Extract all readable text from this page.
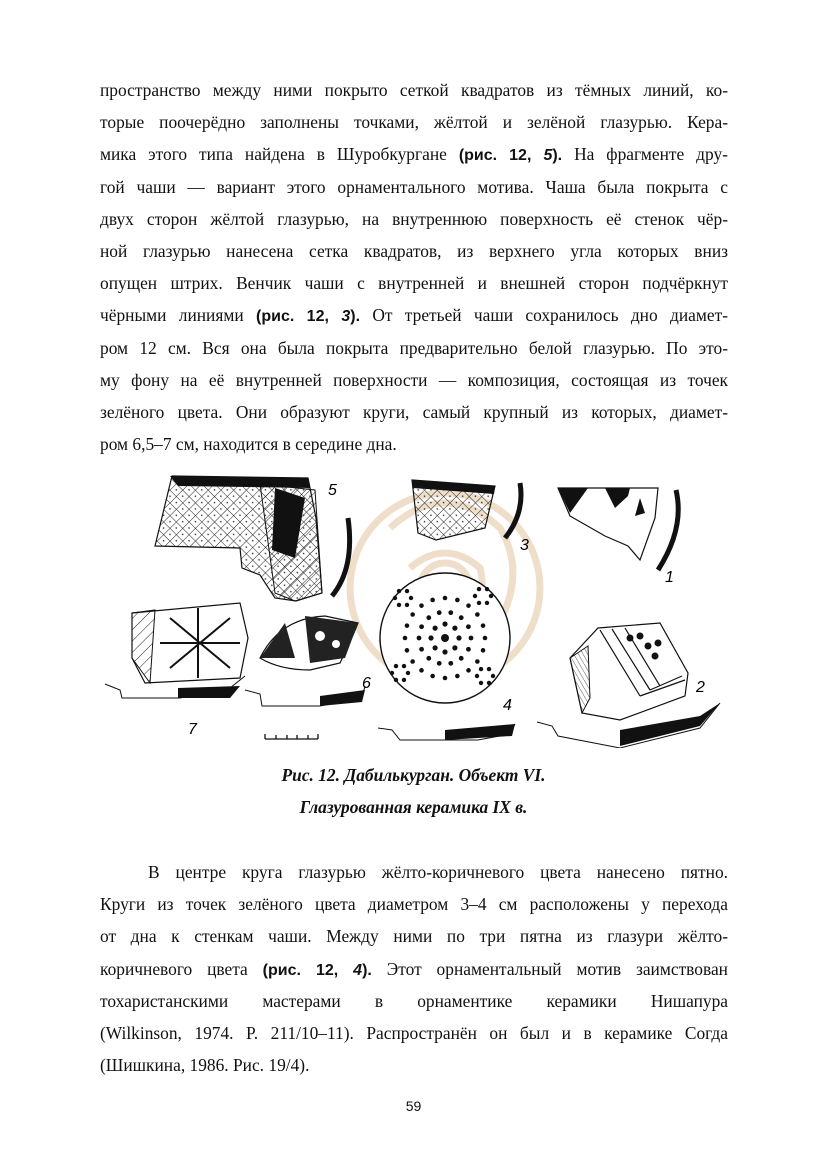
пространство между ними покрыто сеткой квадратов из тёмных линий, ко-
торые поочерёдно заполнены точками, жёлтой и зелёной глазурью. Кера-
мика этого типа найдена в Шуробкургане (рис. 12, 5). На фрагменте дру-
гой чаши — вариант этого орнаментального мотива. Чаша была покрыта с
двух сторон жёлтой глазурью, на внутреннюю поверхность её стенок чёр-
ной глазурью нанесена сетка квадратов, из верхнего угла которых вниз
опущен штрих. Венчик чаши с внутренней и внешней сторон подчёркнут
чёрными линиями (рис. 12, 3). От третьей чаши сохранилось дно диамет-
ром 12 см. Вся она была покрыта предварительно белой глазурью. По это-
му фону на её внутренней поверхности — композиция, состоящая из точек
зелёного цвета. Они образуют круги, самый крупный из которых, диамет-
ром 6,5–7 см, находится в середине дна.
5
3
1
7
6
4
2
Рис. 12. Дабилькурган. Объект VI.
Глазурованная керамика IX в.
В центре круга глазурью жёлто-коричневого цвета нанесено пятно.
Круги из точек зелёного цвета диаметром 3–4 см расположены у перехода
от дна к стенкам чаши. Между ними по три пятна из глазури жёлто-
коричневого цвета (рис. 12, 4). Этот орнаментальный мотив заимствован
тохаристанскими мастерами в орнаментике керамики Нишапура
(Wilkinson, 1974. P. 211/10–11). Распространён он был и в керамике Согда
(Шишкина, 1986. Рис. 19/4).
59
